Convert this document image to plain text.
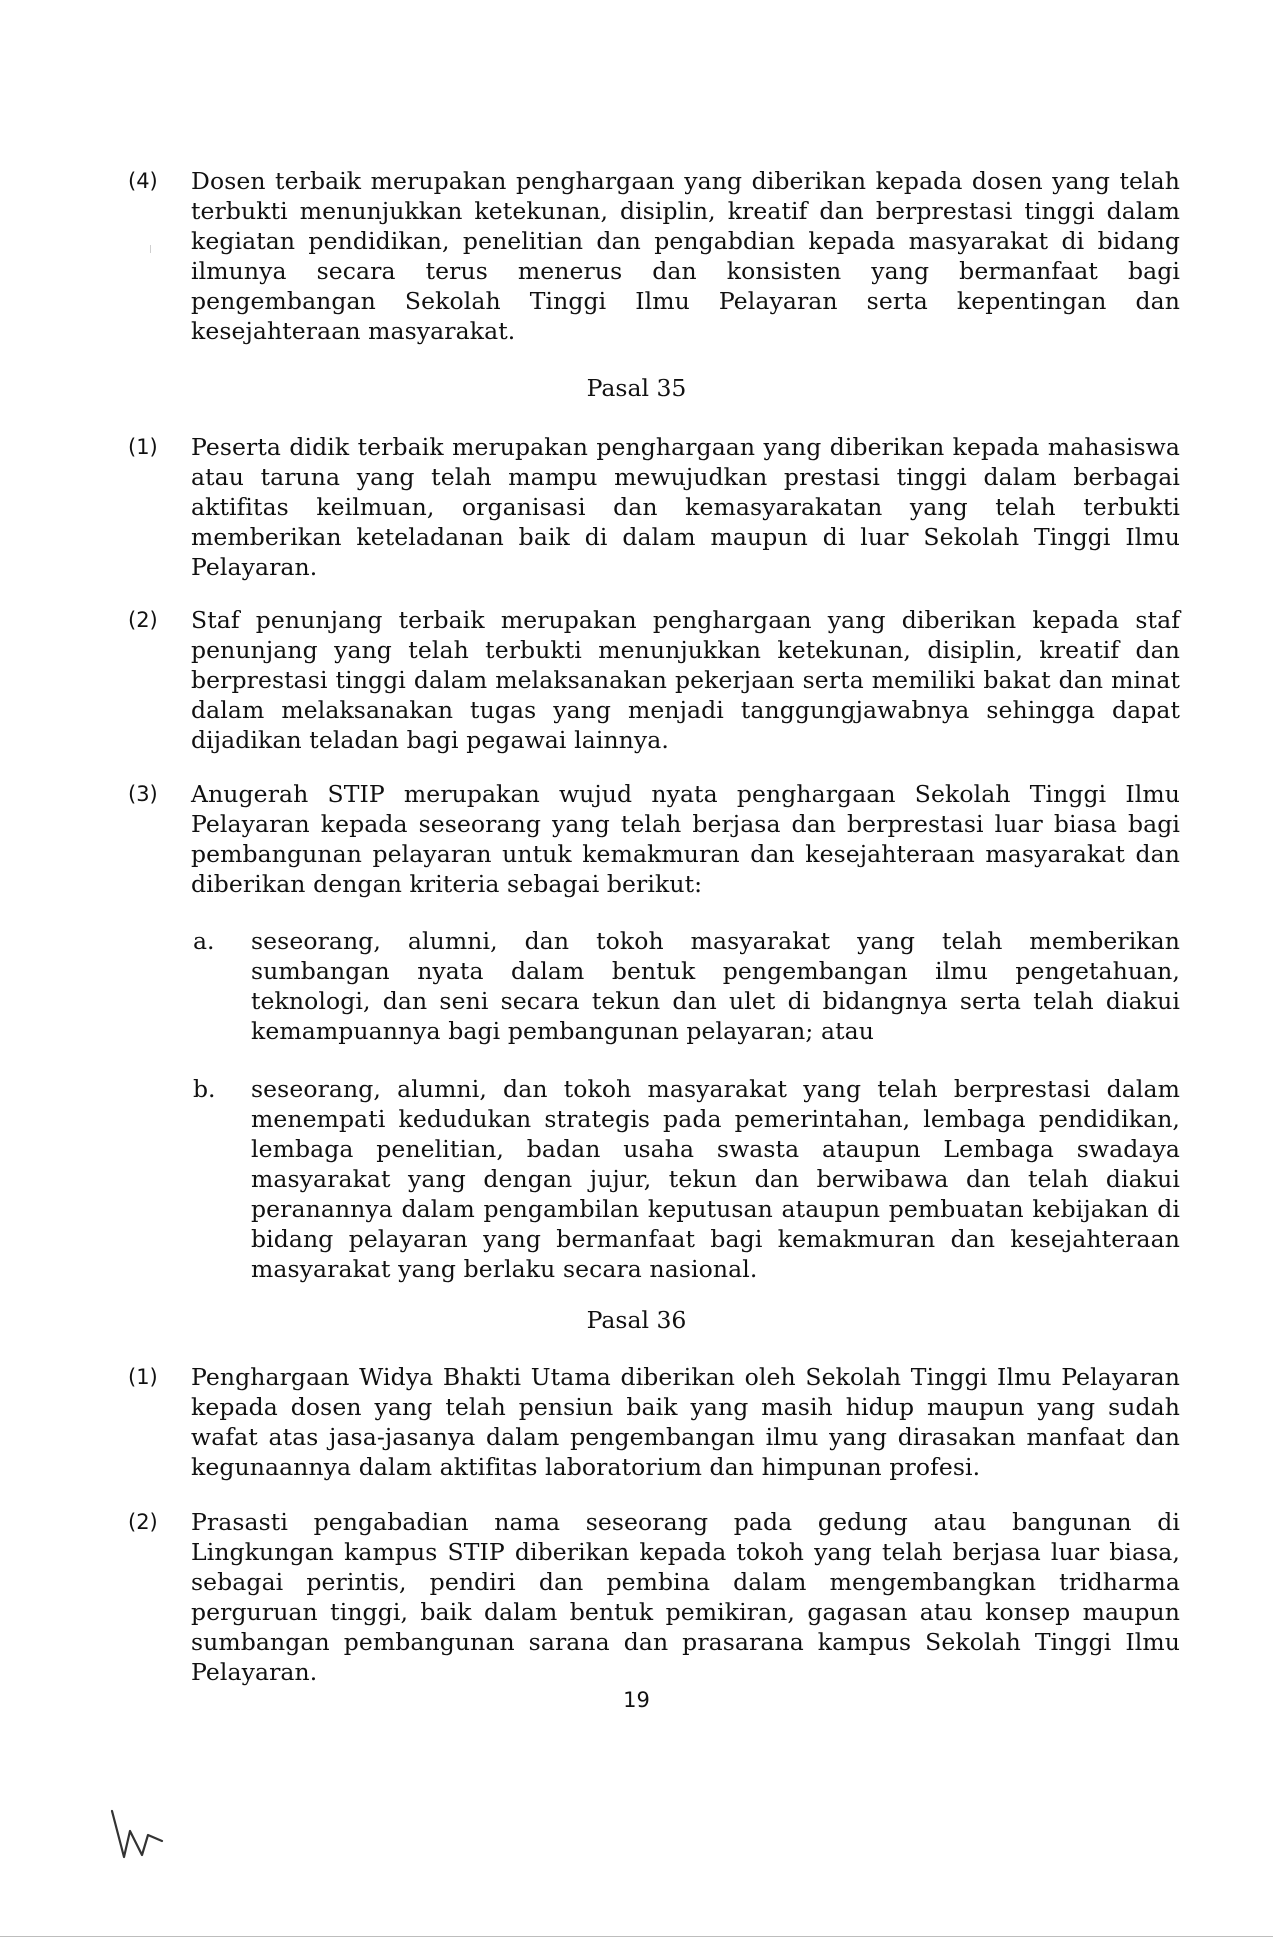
(4)	Dosen terbaik merupakan penghargaan yang diberikan kepada dosen yang telah terbukti menunjukkan ketekunan, disiplin, kreatif dan berprestasi tinggi dalam kegiatan pendidikan, penelitian dan pengabdian kepada masyarakat di bidang ilmunya secara terus menerus dan konsisten yang bermanfaat bagi pengembangan Sekolah Tinggi Ilmu Pelayaran serta kepentingan dan kesejahteraan masyarakat.
Pasal 35
(1)	Peserta didik terbaik merupakan penghargaan yang diberikan kepada mahasiswa atau taruna yang telah mampu mewujudkan prestasi tinggi dalam berbagai aktifitas keilmuan, organisasi dan kemasyarakatan yang telah terbukti memberikan keteladanan baik di dalam maupun di luar Sekolah Tinggi Ilmu Pelayaran.
(2)	Staf penunjang terbaik merupakan penghargaan yang diberikan kepada staf penunjang yang telah terbukti menunjukkan ketekunan, disiplin, kreatif dan berprestasi tinggi dalam melaksanakan pekerjaan serta memiliki bakat dan minat dalam melaksanakan tugas yang menjadi tanggungjawabnya sehingga dapat dijadikan teladan bagi pegawai lainnya.
(3)	Anugerah STIP merupakan wujud nyata penghargaan Sekolah Tinggi Ilmu Pelayaran kepada seseorang yang telah berjasa dan berprestasi luar biasa bagi pembangunan pelayaran untuk kemakmuran dan kesejahteraan masyarakat dan diberikan dengan kriteria sebagai berikut:
a. seseorang, alumni, dan tokoh masyarakat yang telah memberikan sumbangan nyata dalam bentuk pengembangan ilmu pengetahuan, teknologi, dan seni secara tekun dan ulet di bidangnya serta telah diakui kemampuannya bagi pembangunan pelayaran; atau
b. seseorang, alumni, dan tokoh masyarakat yang telah berprestasi dalam menempati kedudukan strategis pada pemerintahan, lembaga pendidikan, lembaga penelitian, badan usaha swasta ataupun Lembaga swadaya masyarakat yang dengan jujur, tekun dan berwibawa dan telah diakui peranannya dalam pengambilan keputusan ataupun pembuatan kebijakan di bidang pelayaran yang bermanfaat bagi kemakmuran dan kesejahteraan masyarakat yang berlaku secara nasional.
Pasal 36
(1)	Penghargaan Widya Bhakti Utama diberikan oleh Sekolah Tinggi Ilmu Pelayaran kepada dosen yang telah pensiun baik yang masih hidup maupun yang sudah wafat atas jasa-jasanya dalam pengembangan ilmu yang dirasakan manfaat dan kegunaannya dalam aktifitas laboratorium dan himpunan profesi.
(2)	Prasasti pengabadian nama seseorang pada gedung atau bangunan di Lingkungan kampus STIP diberikan kepada tokoh yang telah berjasa luar biasa, sebagai perintis, pendiri dan pembina dalam mengembangkan tridharma perguruan tinggi, baik dalam bentuk pemikiran, gagasan atau konsep maupun sumbangan pembangunan sarana dan prasarana kampus Sekolah Tinggi Ilmu Pelayaran.
19
